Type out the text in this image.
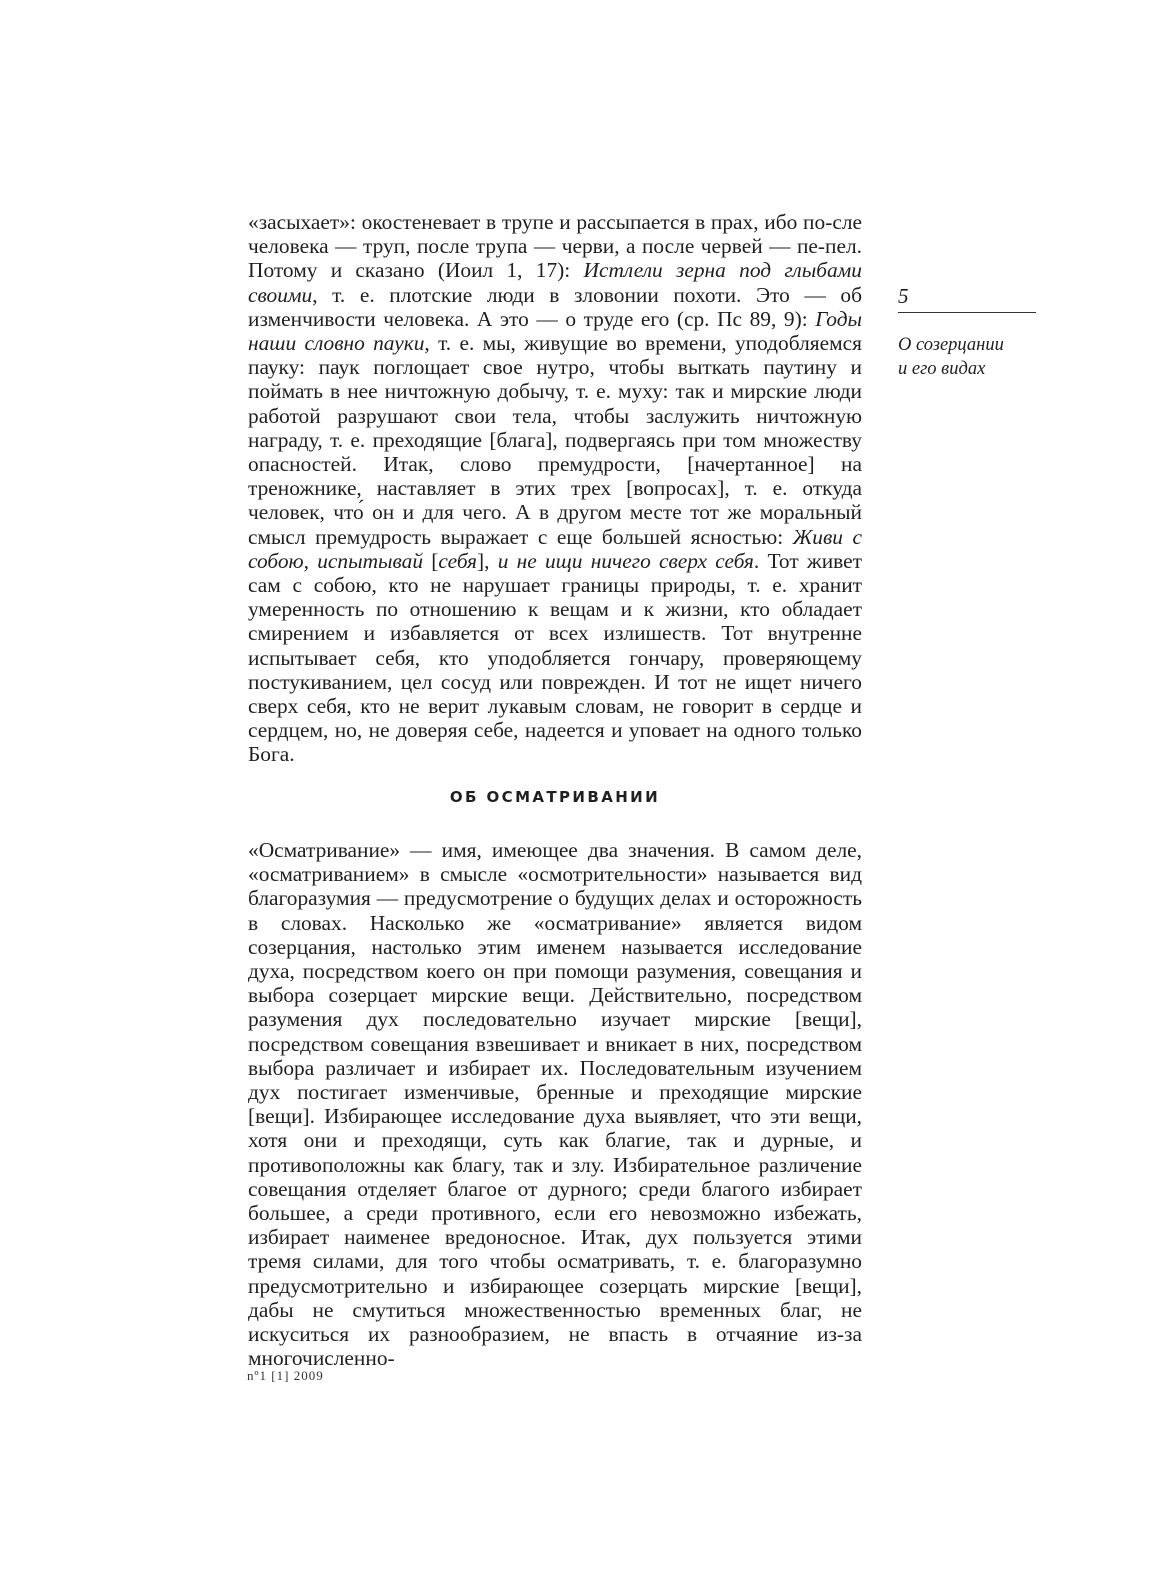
«засыхает»: окостеневает в трупе и рассыпается в прах, ибо по-сле человека — труп, после трупа — черви, а после червей — пе-пел. Потому и сказано (Иоил 1, 17): Истлели зерна под глыбами своими, т. е. плотские люди в зловонии похоти. Это — об изменчивости человека. А это — о труде его (ср. Пс 89, 9): Годы наши словно пауки, т. е. мы, живущие во времени, уподобляемся пауку: паук поглощает свое нутро, чтобы выткать паутину и поймать в нее ничтожную добычу, т. е. муху: так и мирские люди работой разрушают свои тела, чтобы заслужить ничтожную награду, т. е. преходящие [блага], подвергаясь при том множеству опасностей. Итак, слово премудрости, [начертанное] на треножнике, наставляет в этих трех [вопросах], т. е. откуда человек, что́ он и для чего. А в другом месте тот же моральный смысл премудрость выражает с еще большей ясностью: Живи с собою, испытывай [себя], и не ищи ничего сверх себя. Тот живет сам с собою, кто не нарушает границы природы, т. е. хранит умеренность по отношению к вещам и к жизни, кто обладает смирением и избавляется от всех излишеств. Тот внутренне испытывает себя, кто уподобляется гончару, проверяющему постукиванием, цел сосуд или поврежден. И тот не ищет ничего сверх себя, кто не верит лукавым словам, не говорит в сердце и сердцем, но, не доверяя себе, надеется и уповает на одного только Бога.

ОБ ОСМАТРИВАНИИ

«Осматривание» — имя, имеющее два значения. В самом деле, «осматриванием» в смысле «осмотрительности» называется вид благоразумия — предусмотрение о будущих делах и осторожность в словах. Насколько же «осматривание» является видом созерцания, настолько этим именем называется исследование духа, посредством коего он при помощи разумения, совещания и выбора созерцает мирские вещи. Действительно, посредством разумения дух последовательно изучает мирские [вещи], посредством совещания взвешивает и вникает в них, посредством выбора различает и избирает их. Последовательным изучением дух постигает изменчивые, бренные и преходящие мирские [вещи]. Избирающее исследование духа выявляет, что эти вещи, хотя они и преходящи, суть как благие, так и дурные, и противоположны как благу, так и злу. Избирательное различение совещания отделяет благое от дурного; среди благого избирает большее, а среди противного, если его невозможно избежать, избирает наименее вредоносное. Итак, дух пользуется этими тремя силами, для того чтобы осматривать, т. е. благоразумно предусмотрительно и избирающее созерцать мирские [вещи], дабы не смутиться множественностью временных благ, не искуситься их разнообразием, не впасть в отчаяние из-за многочисленно-

5
О созерцании
и его видах
nº1 [1] 2009
